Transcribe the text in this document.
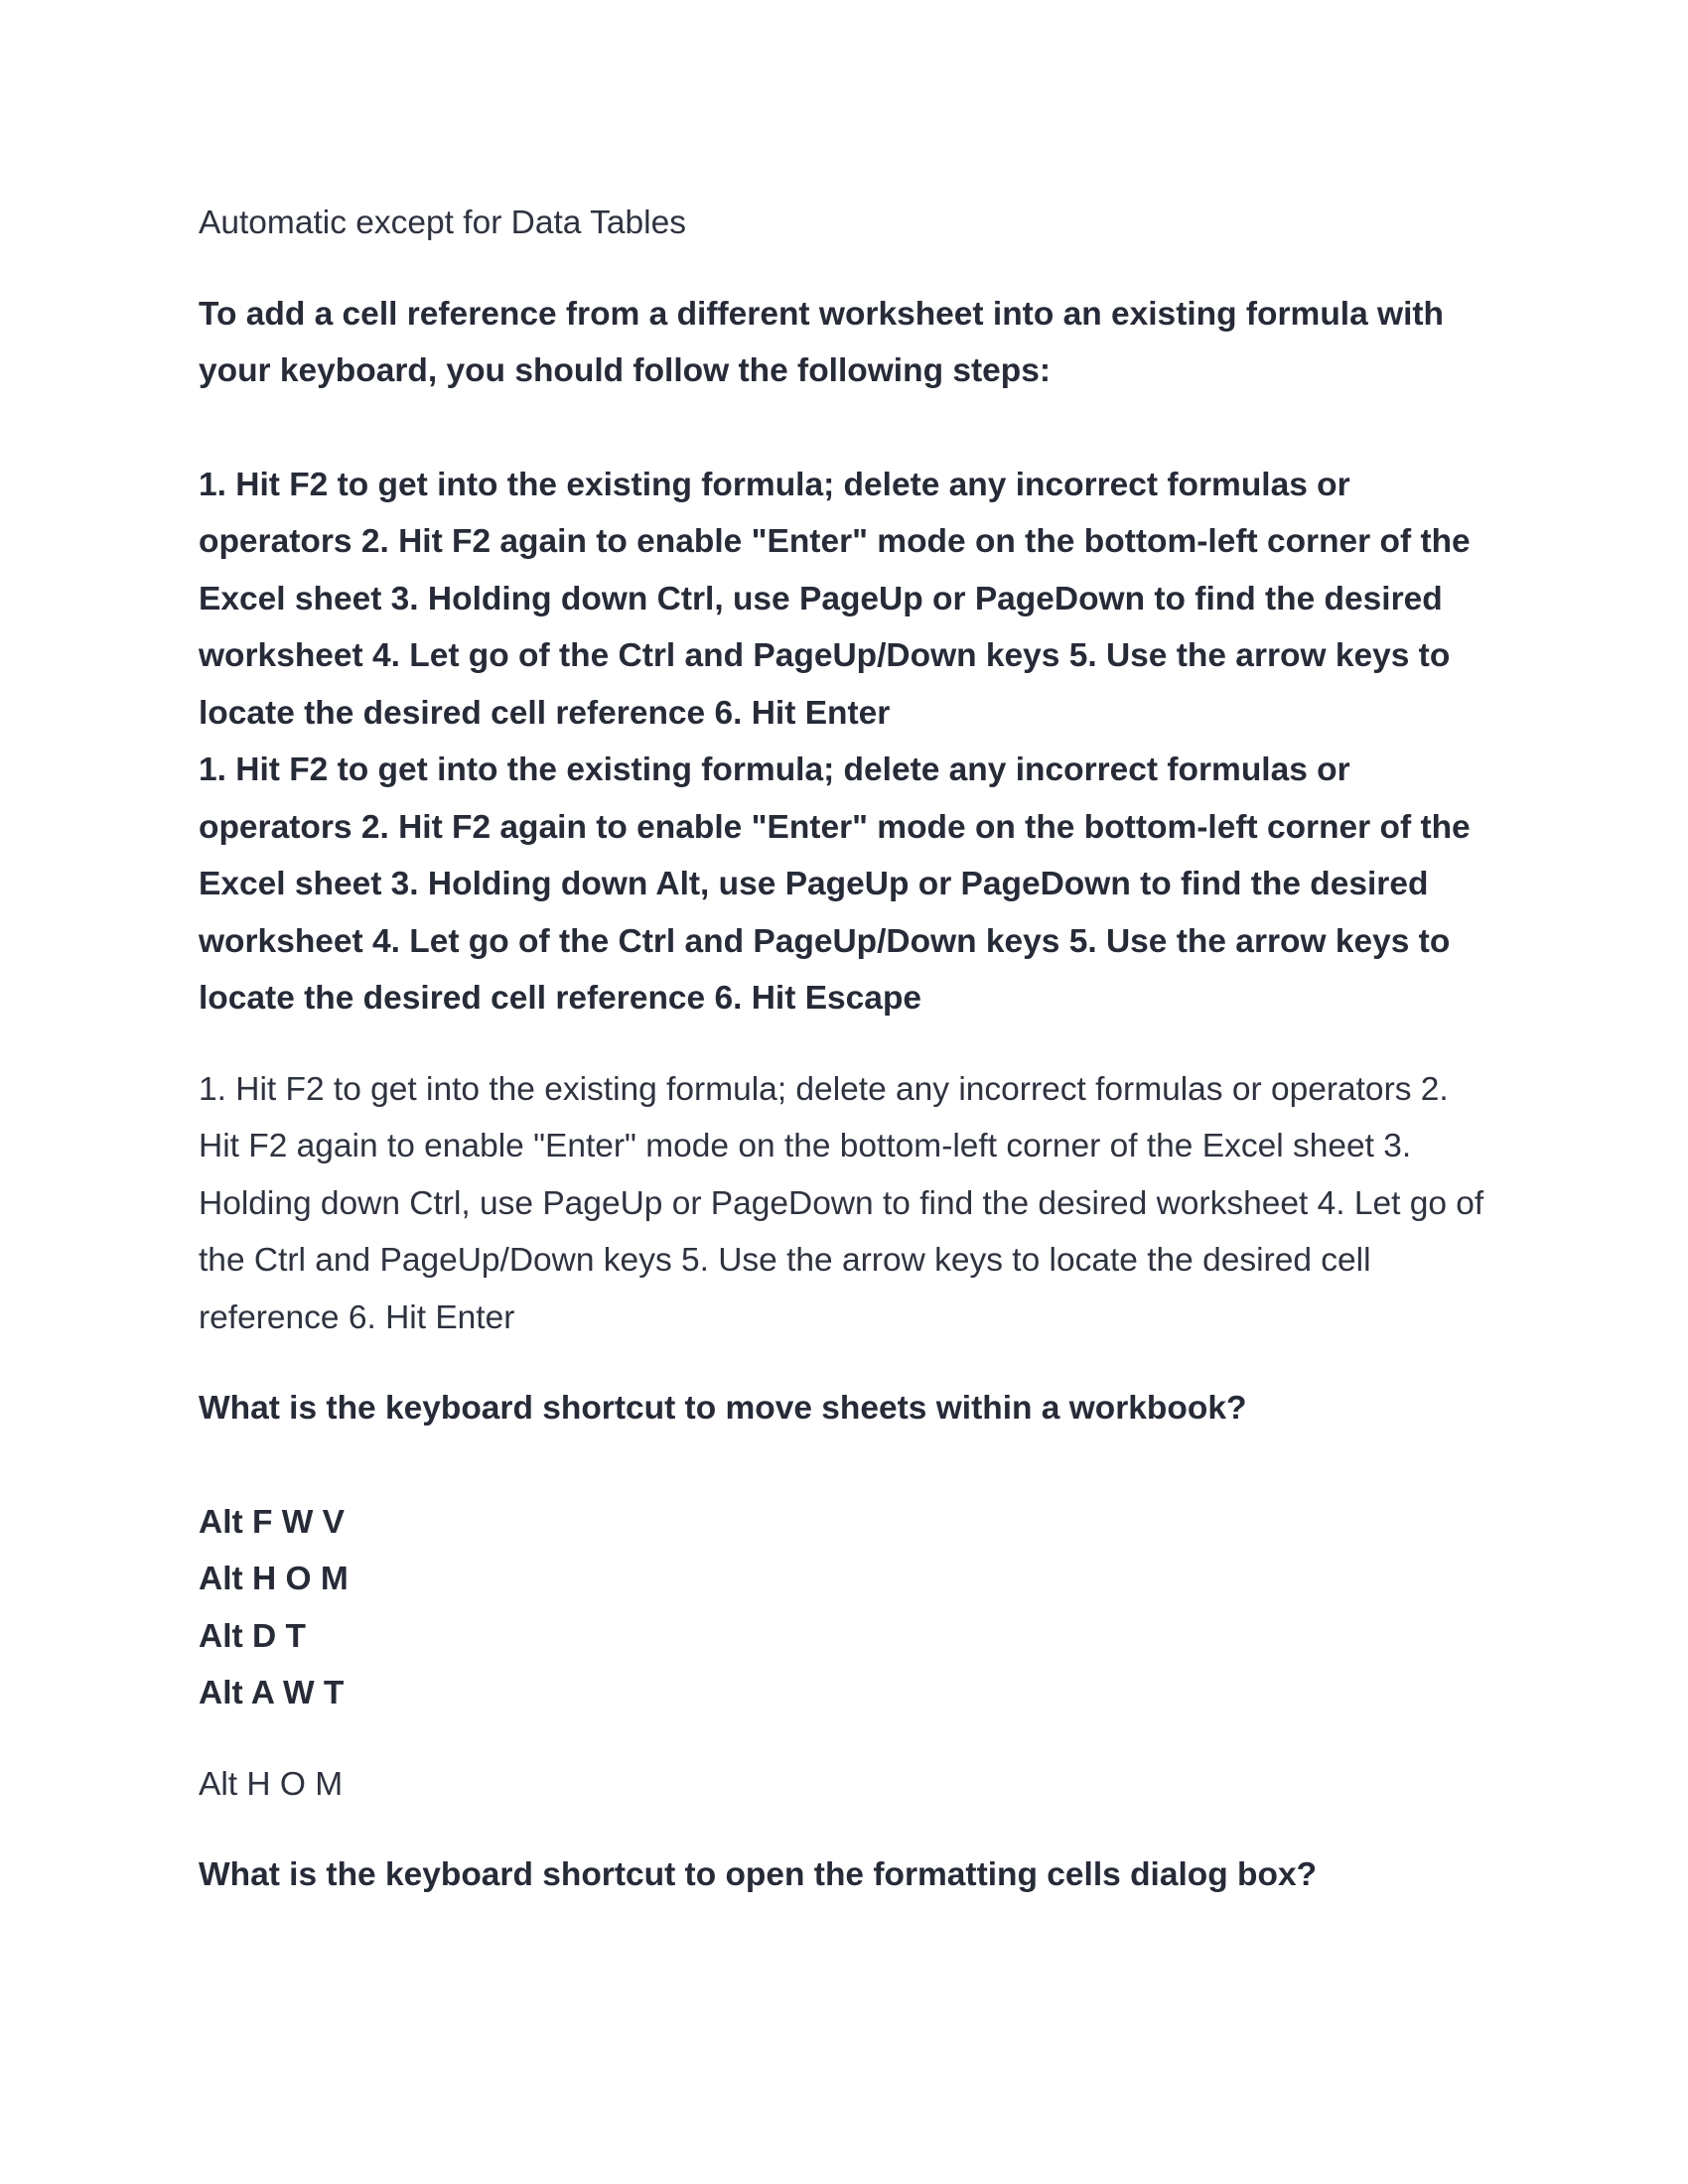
Automatic except for Data Tables
To add a cell reference from a different worksheet into an existing formula with
your keyboard, you should follow the following steps:
1. Hit F2 to get into the existing formula; delete any incorrect formulas or
operators 2. Hit F2 again to enable "Enter" mode on the bottom-left corner of the
Excel sheet 3. Holding down Ctrl, use PageUp or PageDown to find the desired
worksheet 4. Let go of the Ctrl and PageUp/Down keys 5. Use the arrow keys to
locate the desired cell reference 6. Hit Enter
1. Hit F2 to get into the existing formula; delete any incorrect formulas or
operators 2. Hit F2 again to enable "Enter" mode on the bottom-left corner of the
Excel sheet 3. Holding down Alt, use PageUp or PageDown to find the desired
worksheet 4. Let go of the Ctrl and PageUp/Down keys 5. Use the arrow keys to
locate the desired cell reference 6. Hit Escape
1. Hit F2 to get into the existing formula; delete any incorrect formulas or operators 2.
Hit F2 again to enable "Enter" mode on the bottom-left corner of the Excel sheet 3.
Holding down Ctrl, use PageUp or PageDown to find the desired worksheet 4. Let go of
the Ctrl and PageUp/Down keys 5. Use the arrow keys to locate the desired cell
reference 6. Hit Enter
What is the keyboard shortcut to move sheets within a workbook?
Alt F W V
Alt H O M
Alt D T
Alt A W T
Alt H O M
What is the keyboard shortcut to open the formatting cells dialog box?
